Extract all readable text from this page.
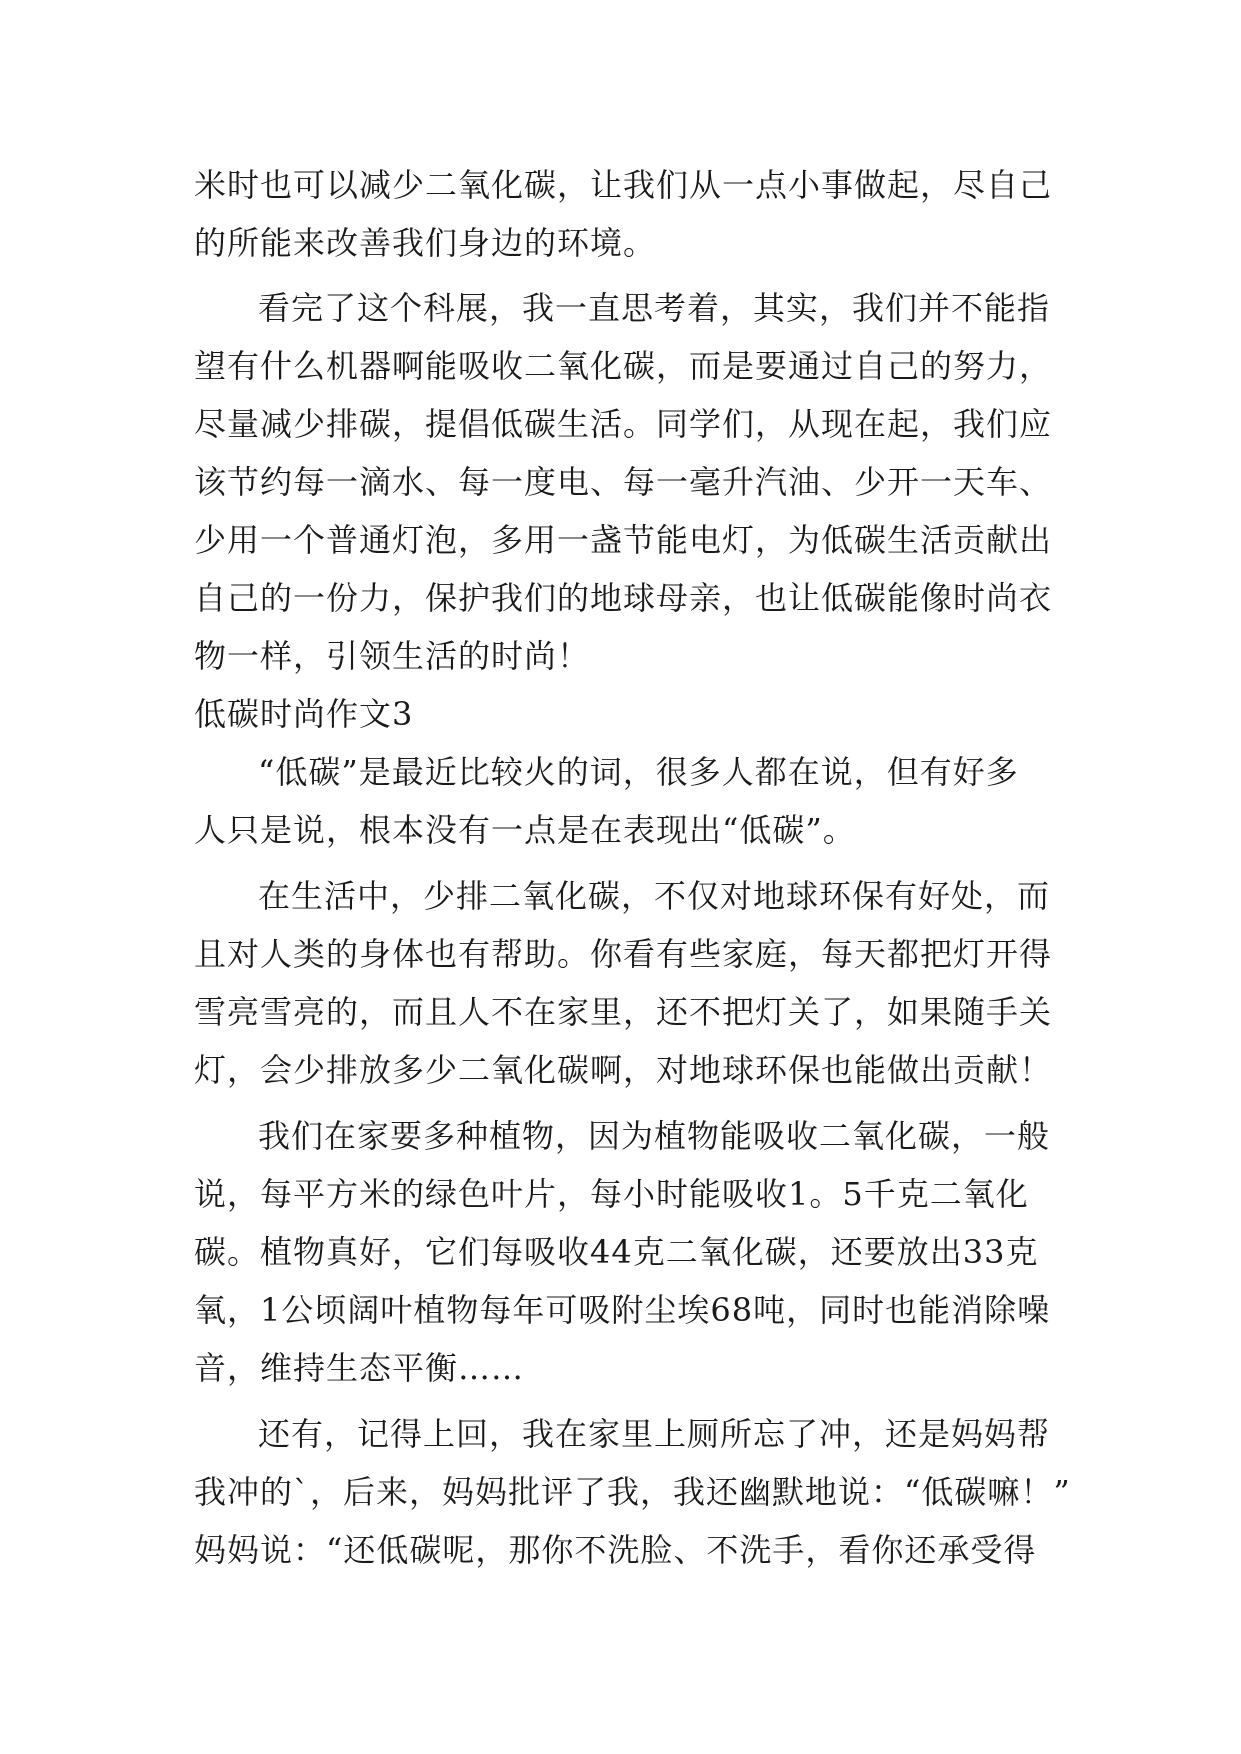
米时也可以减少二氧化碳，让我们从一点小事做起，尽自己
的所能来改善我们身边的环境。
看完了这个科展，我一直思考着，其实，我们并不能指
望有什么机器啊能吸收二氧化碳，而是要通过自己的努力，
尽量减少排碳，提倡低碳生活。同学们，从现在起，我们应
该节约每一滴水、每一度电、每一毫升汽油、少开一天车、
少用一个普通灯泡，多用一盏节能电灯，为低碳生活贡献出
自己的一份力，保护我们的地球母亲，也让低碳能像时尚衣
物一样，引领生活的时尚！
低碳时尚作文3
“低碳”是最近比较火的词，很多人都在说，但有好多
人只是说，根本没有一点是在表现出“低碳”。
在生活中，少排二氧化碳，不仅对地球环保有好处，而
且对人类的身体也有帮助。你看有些家庭，每天都把灯开得
雪亮雪亮的，而且人不在家里，还不把灯关了，如果随手关
灯，会少排放多少二氧化碳啊，对地球环保也能做出贡献！
我们在家要多种植物，因为植物能吸收二氧化碳，一般
说，每平方米的绿色叶片，每小时能吸收1。5千克二氧化
碳。植物真好，它们每吸收44克二氧化碳，还要放出33克
氧，1公顷阔叶植物每年可吸附尘埃68吨，同时也能消除噪
音，维持生态平衡……
还有，记得上回，我在家里上厕所忘了冲，还是妈妈帮
我冲的`，后来，妈妈批评了我，我还幽默地说：“低碳嘛！”
妈妈说：“还低碳呢，那你不洗脸、不洗手，看你还承受得
